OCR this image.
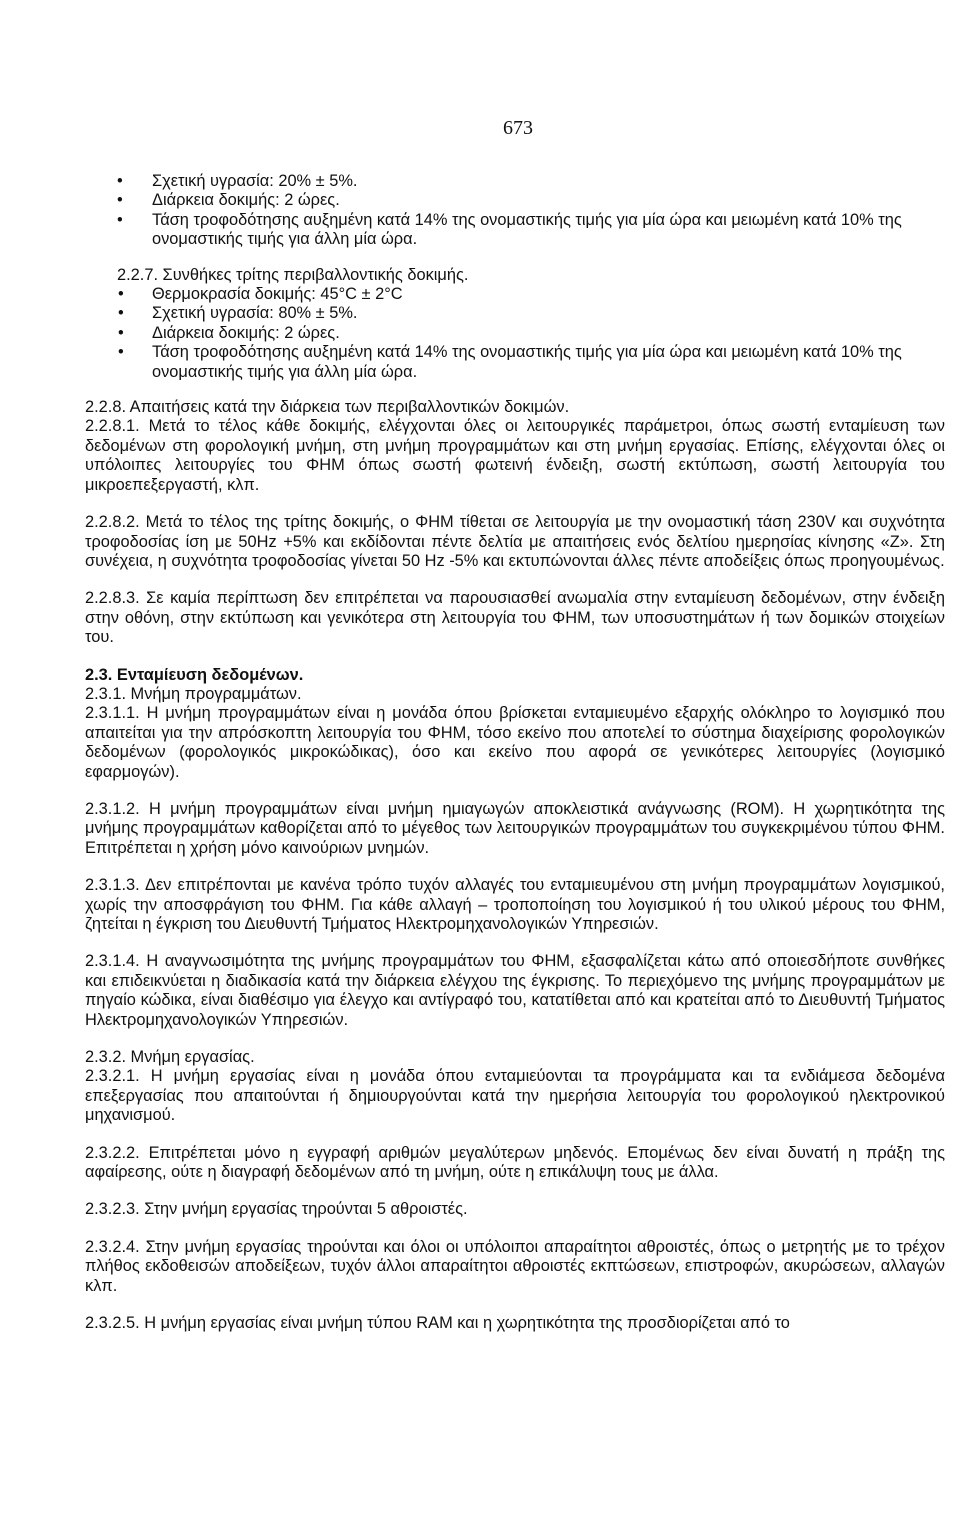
673
• Σχετική υγρασία: 20% ± 5%.
• Διάρκεια δοκιμής: 2 ώρες.
• Τάση τροφοδότησης αυξημένη κατά 14% της ονομαστικής τιμής για μία ώρα και μειωμένη κατά 10% της ονομαστικής τιμής για άλλη μία ώρα.

2.2.7. Συνθήκες τρίτης περιβαλλοντικής δοκιμής.

• Θερμοκρασία δοκιμής: 45°C ± 2°C
• Σχετική υγρασία: 80% ± 5%.
• Διάρκεια δοκιμής: 2 ώρες.
• Τάση τροφοδότησης αυξημένη κατά 14% της ονομαστικής τιμής για μία ώρα και μειωμένη κατά 10% της ονομαστικής τιμής για άλλη μία ώρα.

2.2.8. Απαιτήσεις κατά την διάρκεια των περιβαλλοντικών δοκιμών.

2.2.8.1. Μετά το τέλος κάθε δοκιμής, ελέγχονται όλες οι λειτουργικές παράμετροι, όπως σωστή ενταμίευση των δεδομένων στη φορολογική μνήμη, στη μνήμη προγραμμάτων και στη μνήμη εργασίας. Επίσης, ελέγχονται όλες οι υπόλοιπες λειτουργίες του ΦΗΜ όπως σωστή φωτεινή ένδειξη, σωστή εκτύπωση, σωστή λειτουργία του μικροεπεξεργαστή, κλπ.

2.2.8.2. Μετά το τέλος της τρίτης δοκιμής, ο ΦΗΜ τίθεται σε λειτουργία με την ονομαστική τάση 230V και συχνότητα τροφοδοσίας ίση με 50Hz +5% και εκδίδονται πέντε δελτία με απαιτήσεις ενός δελτίου ημερησίας κίνησης «Ζ». Στη συνέχεια, η συχνότητα τροφοδοσίας γίνεται 50 Hz -5% και εκτυπώνονται άλλες πέντε αποδείξεις όπως προηγουμένως.

2.2.8.3. Σε καμία περίπτωση δεν επιτρέπεται να παρουσιασθεί ανωμαλία στην ενταμίευση δεδομένων, στην ένδειξη στην οθόνη, στην εκτύπωση και γενικότερα στη λειτουργία του ΦΗΜ, των υποσυστημάτων ή των δομικών στοιχείων του.

2.3. Ενταμίευση δεδομένων.

2.3.1. Μνήμη προγραμμάτων.

2.3.1.1. Η μνήμη προγραμμάτων είναι η μονάδα όπου βρίσκεται ενταμιευμένο εξαρχής ολόκληρο το λογισμικό που απαιτείται για την απρόσκοπτη λειτουργία του ΦΗΜ, τόσο εκείνο που αποτελεί το σύστημα διαχείρισης φορολογικών δεδομένων (φορολογικός μικροκώδικας), όσο και εκείνο που αφορά σε γενικότερες λειτουργίες (λογισμικό εφαρμογών).

2.3.1.2. Η μνήμη προγραμμάτων είναι μνήμη ημιαγωγών αποκλειστικά ανάγνωσης (ROM). Η χωρητικότητα της μνήμης προγραμμάτων καθορίζεται από το μέγεθος των λειτουργικών προγραμμάτων του συγκεκριμένου τύπου ΦΗΜ. Επιτρέπεται η χρήση μόνο καινούριων μνημών.

2.3.1.3. Δεν επιτρέπονται με κανένα τρόπο τυχόν αλλαγές του ενταμιευμένου στη μνήμη προγραμμάτων λογισμικού, χωρίς την αποσφράγιση του ΦΗΜ. Για κάθε αλλαγή – τροποποίηση του λογισμικού ή του υλικού μέρους του ΦΗΜ, ζητείται η έγκριση του Διευθυντή Τμήματος Ηλεκτρομηχανολογικών Υπηρεσιών.

2.3.1.4. Η αναγνωσιμότητα της μνήμης προγραμμάτων του ΦΗΜ, εξασφαλίζεται κάτω από οποιεσδήποτε συνθήκες και επιδεικνύεται η διαδικασία κατά την διάρκεια ελέγχου της έγκρισης. Το περιεχόμενο της μνήμης προγραμμάτων με πηγαίο κώδικα, είναι διαθέσιμο για έλεγχο και αντίγραφό του, κατατίθεται από και κρατείται από το Διευθυντή Τμήματος Ηλεκτρομηχανολογικών Υπηρεσιών.

2.3.2. Μνήμη εργασίας.

2.3.2.1. Η μνήμη εργασίας είναι η μονάδα όπου ενταμιεύονται τα προγράμματα και τα ενδιάμεσα δεδομένα επεξεργασίας που απαιτούνται ή δημιουργούνται κατά την ημερήσια λειτουργία του φορολογικού ηλεκτρονικού μηχανισμού.

2.3.2.2. Επιτρέπεται μόνο η εγγραφή αριθμών μεγαλύτερων μηδενός. Επομένως δεν είναι δυνατή η πράξη της αφαίρεσης, ούτε η διαγραφή δεδομένων από τη μνήμη, ούτε η επικάλυψη τους με άλλα.

2.3.2.3. Στην μνήμη εργασίας τηρούνται 5 αθροιστές.

2.3.2.4. Στην μνήμη εργασίας τηρούνται και όλοι οι υπόλοιποι απαραίτητοι αθροιστές, όπως ο μετρητής με το τρέχον πλήθος εκδοθεισών αποδείξεων, τυχόν άλλοι απαραίτητοι αθροιστές εκπτώσεων, επιστροφών, ακυρώσεων, αλλαγών κλπ.

2.3.2.5. Η μνήμη εργασίας είναι μνήμη τύπου RAM και η χωρητικότητα της προσδιορίζεται από το
